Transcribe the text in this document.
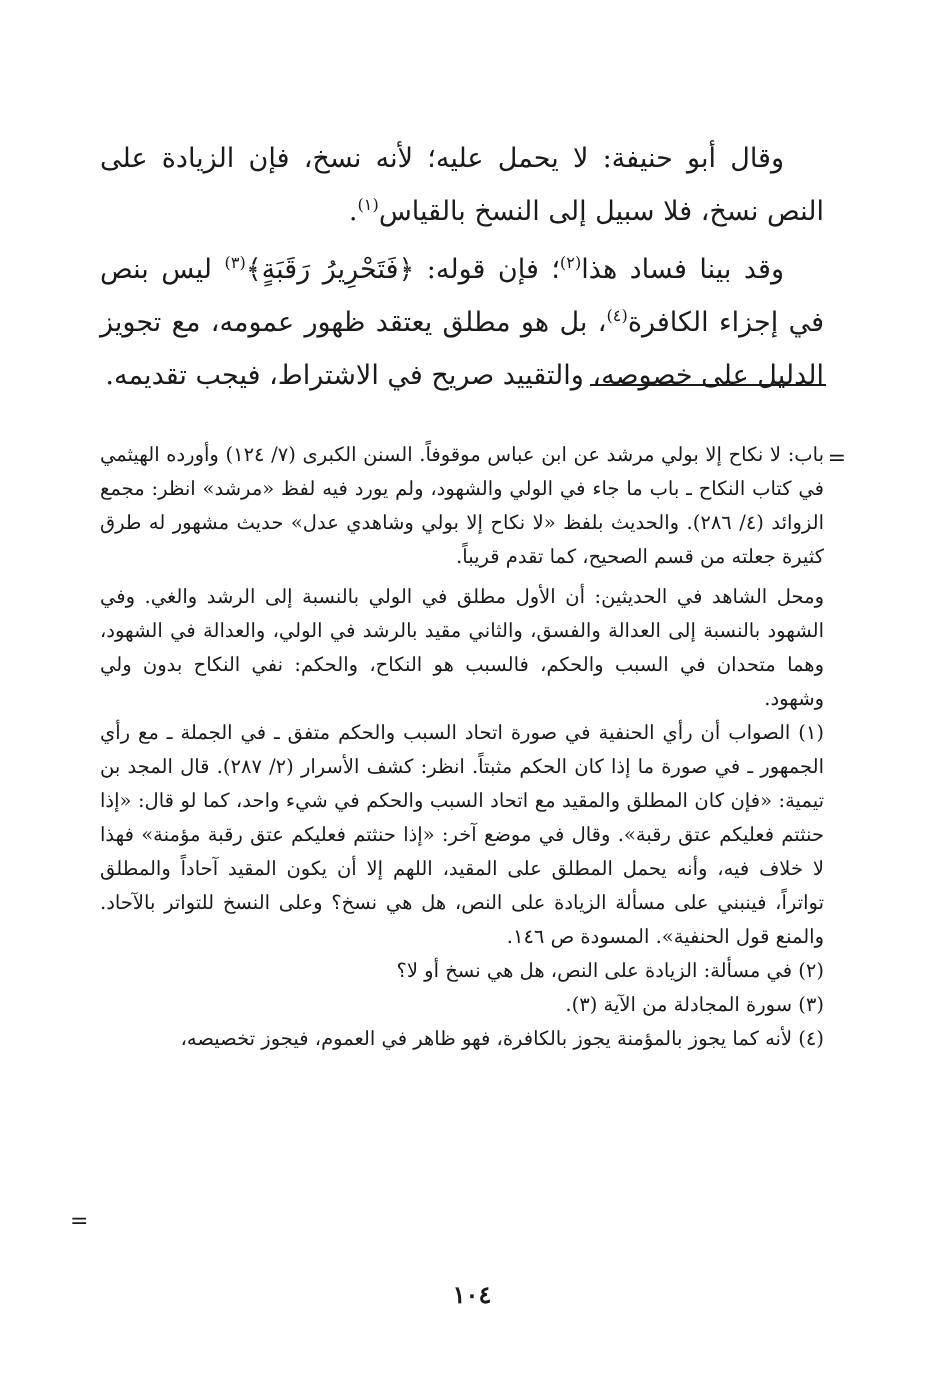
وقال أبو حنيفة: لا يحمل عليه؛ لأنه نسخ، فإن الزيادة على النص نسخ، فلا سبيل إلى النسخ بالقياس$^{(١)}$.

وقد بينا فساد هذا$^{(٢)}$؛ فإن قوله: ﴿فَتَحْرِيرُ رَقَبَةٍ﴾$^{(٣)}$ ليس بنص في إجزاء الكافرة$^{(٤)}$، بل هو مطلق يعتقد ظهور عمومه، مع تجويز الدليل على خصوصه، والتقييد صريح في الاشتراط، فيجب تقديمه.

=

باب: لا نكاح إلا بولي مرشد عن ابن عباس موقوفاً. السنن الكبرى (٧/ ١٢٤) وأورده الهيثمي في كتاب النكاح ـ باب ما جاء في الولي والشهود، ولم يورد فيه لفظ «مرشد» انظر: مجمع الزوائد (٤/ ٢٨٦). والحديث بلفظ «لا نكاح إلا بولي وشاهدي عدل» حديث مشهور له طرق كثيرة جعلته من قسم الصحيح، كما تقدم قريباً.

ومحل الشاهد في الحديثين: أن الأول مطلق في الولي بالنسبة إلى الرشد والغي. وفي الشهود بالنسبة إلى العدالة والفسق، والثاني مقيد بالرشد في الولي، والعدالة في الشهود، وهما متحدان في السبب والحكم، فالسبب هو النكاح، والحكم: نفي النكاح بدون ولي وشهود.

(١) الصواب أن رأي الحنفية في صورة اتحاد السبب والحكم متفق ـ في الجملة ـ مع رأي الجمهور ـ في صورة ما إذا كان الحكم مثبتاً. انظر: كشف الأسرار (٢/ ٢٨٧). قال المجد بن تيمية: «فإن كان المطلق والمقيد مع اتحاد السبب والحكم في شيء واحد، كما لو قال: «إذا حنثتم فعليكم عتق رقبة». وقال في موضع آخر: «إذا حنثتم فعليكم عتق رقبة مؤمنة» فهذا لا خلاف فيه، وأنه يحمل المطلق على المقيد، اللهم إلا أن يكون المقيد آحاداً والمطلق تواتراً، فينبني على مسألة الزيادة على النص، هل هي نسخ؟ وعلى النسخ للتواتر بالآحاد. والمنع قول الحنفية». المسودة ص ١٤٦.

(٢) في مسألة: الزيادة على النص، هل هي نسخ أو لا؟

(٣) سورة المجادلة من الآية (٣).

(٤) لأنه كما يجوز بالمؤمنة يجوز بالكافرة، فهو ظاهر في العموم، فيجوز تخصيصه،

=
١٠٤
